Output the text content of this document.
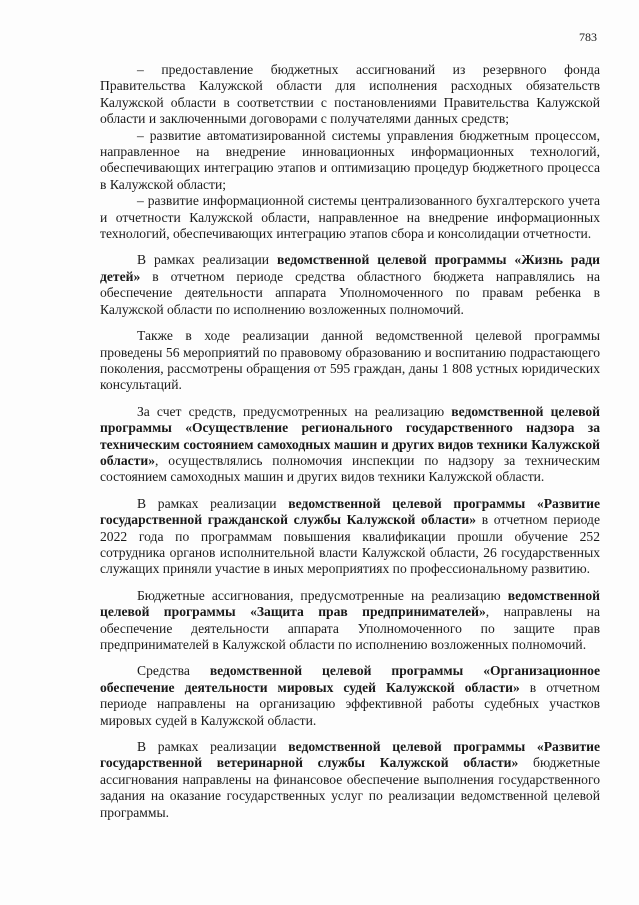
783

– предоставление бюджетных ассигнований из резервного фонда Правительства Калужской области для исполнения расходных обязательств Калужской области в соответствии с постановлениями Правительства Калужской области и заключенными договорами с получателями данных средств;

– развитие автоматизированной системы управления бюджетным процессом, направленное на внедрение инновационных информационных технологий, обеспечивающих интеграцию этапов и оптимизацию процедур бюджетного процесса в Калужской области;

– развитие информационной системы централизованного бухгалтерского учета и отчетности Калужской области, направленное на внедрение информационных технологий, обеспечивающих интеграцию этапов сбора и консолидации отчетности.

В рамках реализации ведомственной целевой программы «Жизнь ради детей» в отчетном периоде средства областного бюджета направлялись на обеспечение деятельности аппарата Уполномоченного по правам ребенка в Калужской области по исполнению возложенных полномочий.

Также в ходе реализации данной ведомственной целевой программы проведены 56 мероприятий по правовому образованию и воспитанию подрастающего поколения, рассмотрены обращения от 595 граждан, даны 1 808 устных юридических консультаций.

За счет средств, предусмотренных на реализацию ведомственной целевой программы «Осуществление регионального государственного надзора за техническим состоянием самоходных машин и других видов техники Калужской области», осуществлялись полномочия инспекции по надзору за техническим состоянием самоходных машин и других видов техники Калужской области.

В рамках реализации ведомственной целевой программы «Развитие государственной гражданской службы Калужской области» в отчетном периоде 2022 года по программам повышения квалификации прошли обучение 252 сотрудника органов исполнительной власти Калужской области, 26 государственных служащих приняли участие в иных мероприятиях по профессиональному развитию.

Бюджетные ассигнования, предусмотренные на реализацию ведомственной целевой программы «Защита прав предпринимателей», направлены на обеспечение деятельности аппарата Уполномоченного по защите прав предпринимателей в Калужской области по исполнению возложенных полномочий.

Средства ведомственной целевой программы «Организационное обеспечение деятельности мировых судей Калужской области» в отчетном периоде направлены на организацию эффективной работы судебных участков мировых судей в Калужской области.

В рамках реализации ведомственной целевой программы «Развитие государственной ветеринарной службы Калужской области» бюджетные ассигнования направлены на финансовое обеспечение выполнения государственного задания на оказание государственных услуг по реализации ведомственной целевой программы.
